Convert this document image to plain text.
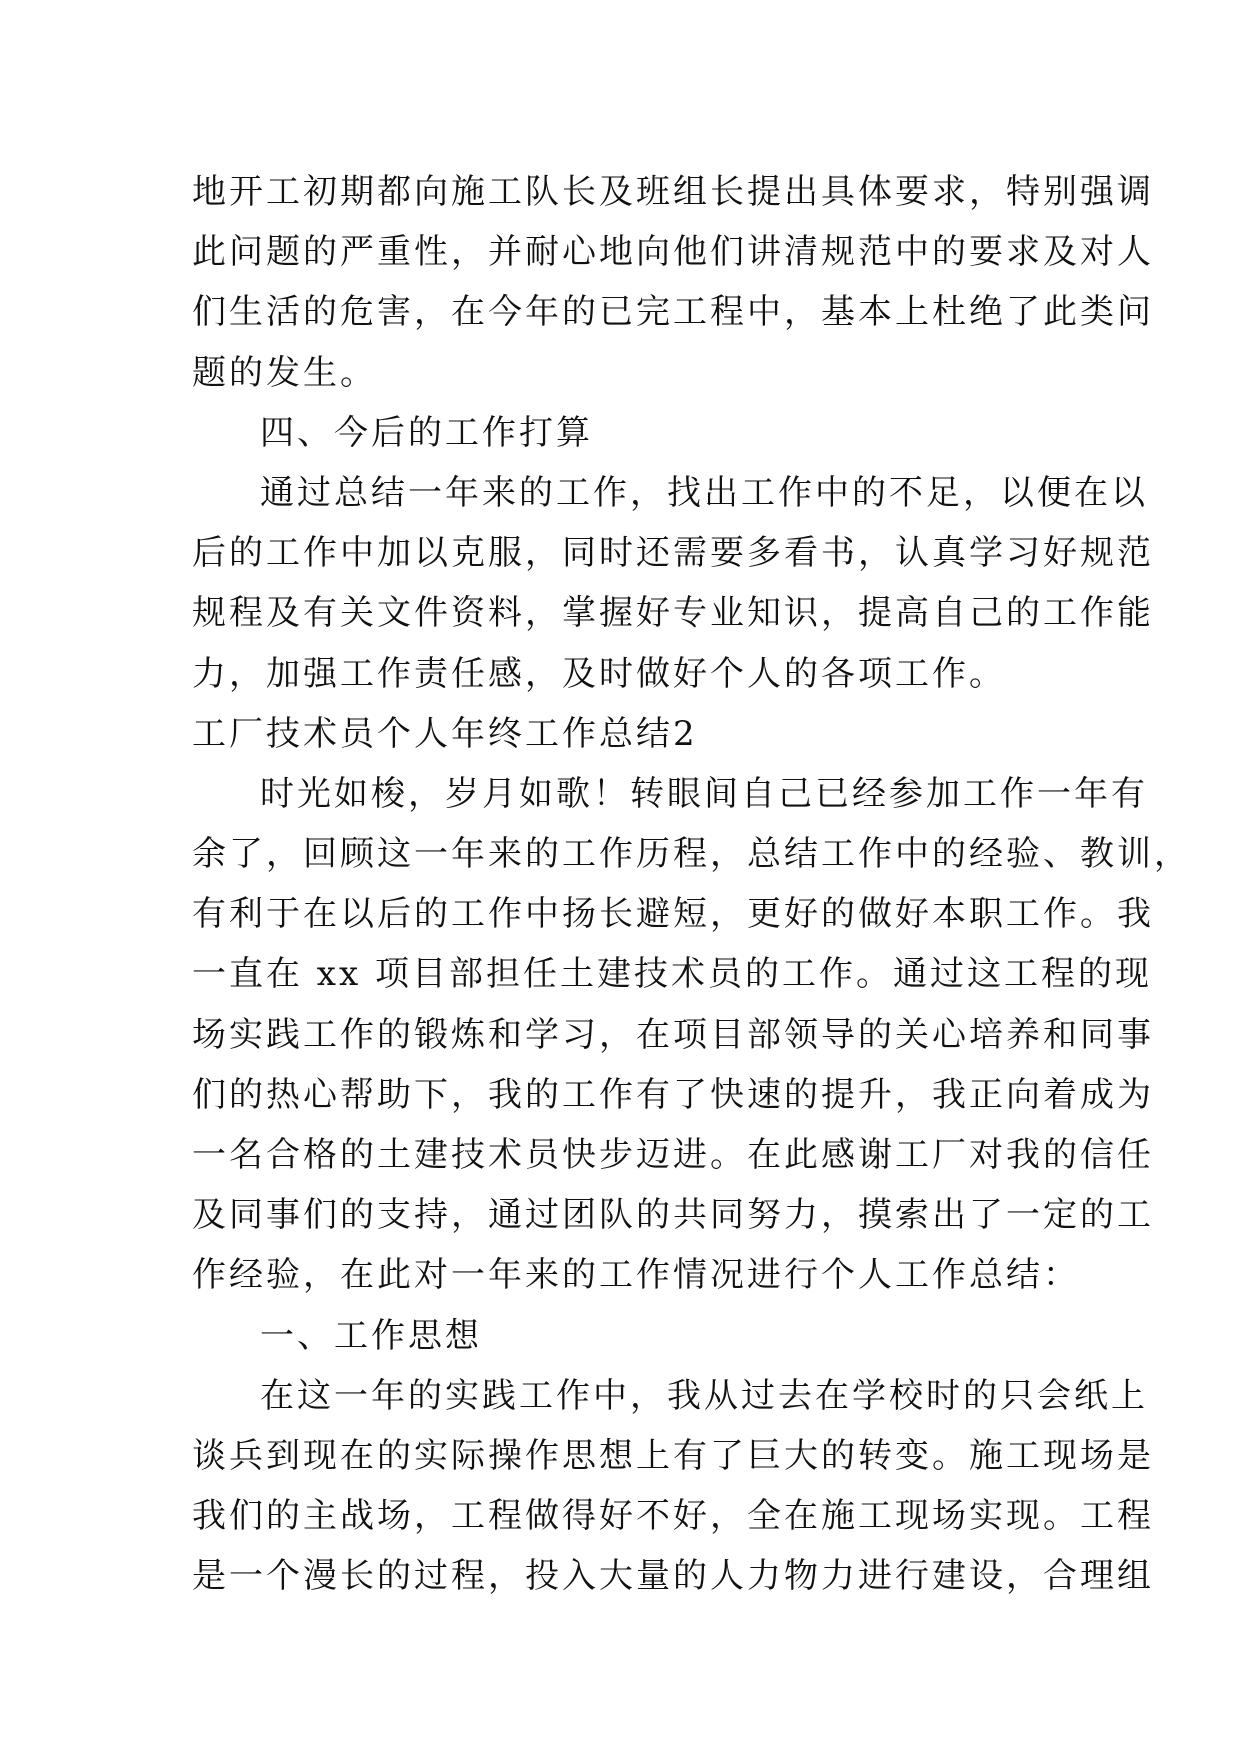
地开工初期都向施工队长及班组长提出具体要求，特别强调
此问题的严重性，并耐心地向他们讲清规范中的要求及对人
们生活的危害，在今年的已完工程中，基本上杜绝了此类问
题的发生。
四、今后的工作打算
通过总结一年来的工作，找出工作中的不足，以便在以
后的工作中加以克服，同时还需要多看书，认真学习好规范
规程及有关文件资料，掌握好专业知识，提高自己的工作能
力，加强工作责任感，及时做好个人的各项工作。
工厂技术员个人年终工作总结2
时光如梭，岁月如歌！转眼间自己已经参加工作一年有
余了，回顾这一年来的工作历程，总结工作中的经验、教训，
有利于在以后的工作中扬长避短，更好的做好本职工作。我
一直在 xx 项目部担任土建技术员的工作。通过这工程的现
场实践工作的锻炼和学习，在项目部领导的关心培养和同事
们的热心帮助下，我的工作有了快速的提升，我正向着成为
一名合格的土建技术员快步迈进。在此感谢工厂对我的信任
及同事们的支持，通过团队的共同努力，摸索出了一定的工
作经验，在此对一年来的工作情况进行个人工作总结：
一、工作思想
在这一年的实践工作中，我从过去在学校时的只会纸上
谈兵到现在的实际操作思想上有了巨大的转变。施工现场是
我们的主战场，工程做得好不好，全在施工现场实现。工程
是一个漫长的过程，投入大量的人力物力进行建设，合理组
